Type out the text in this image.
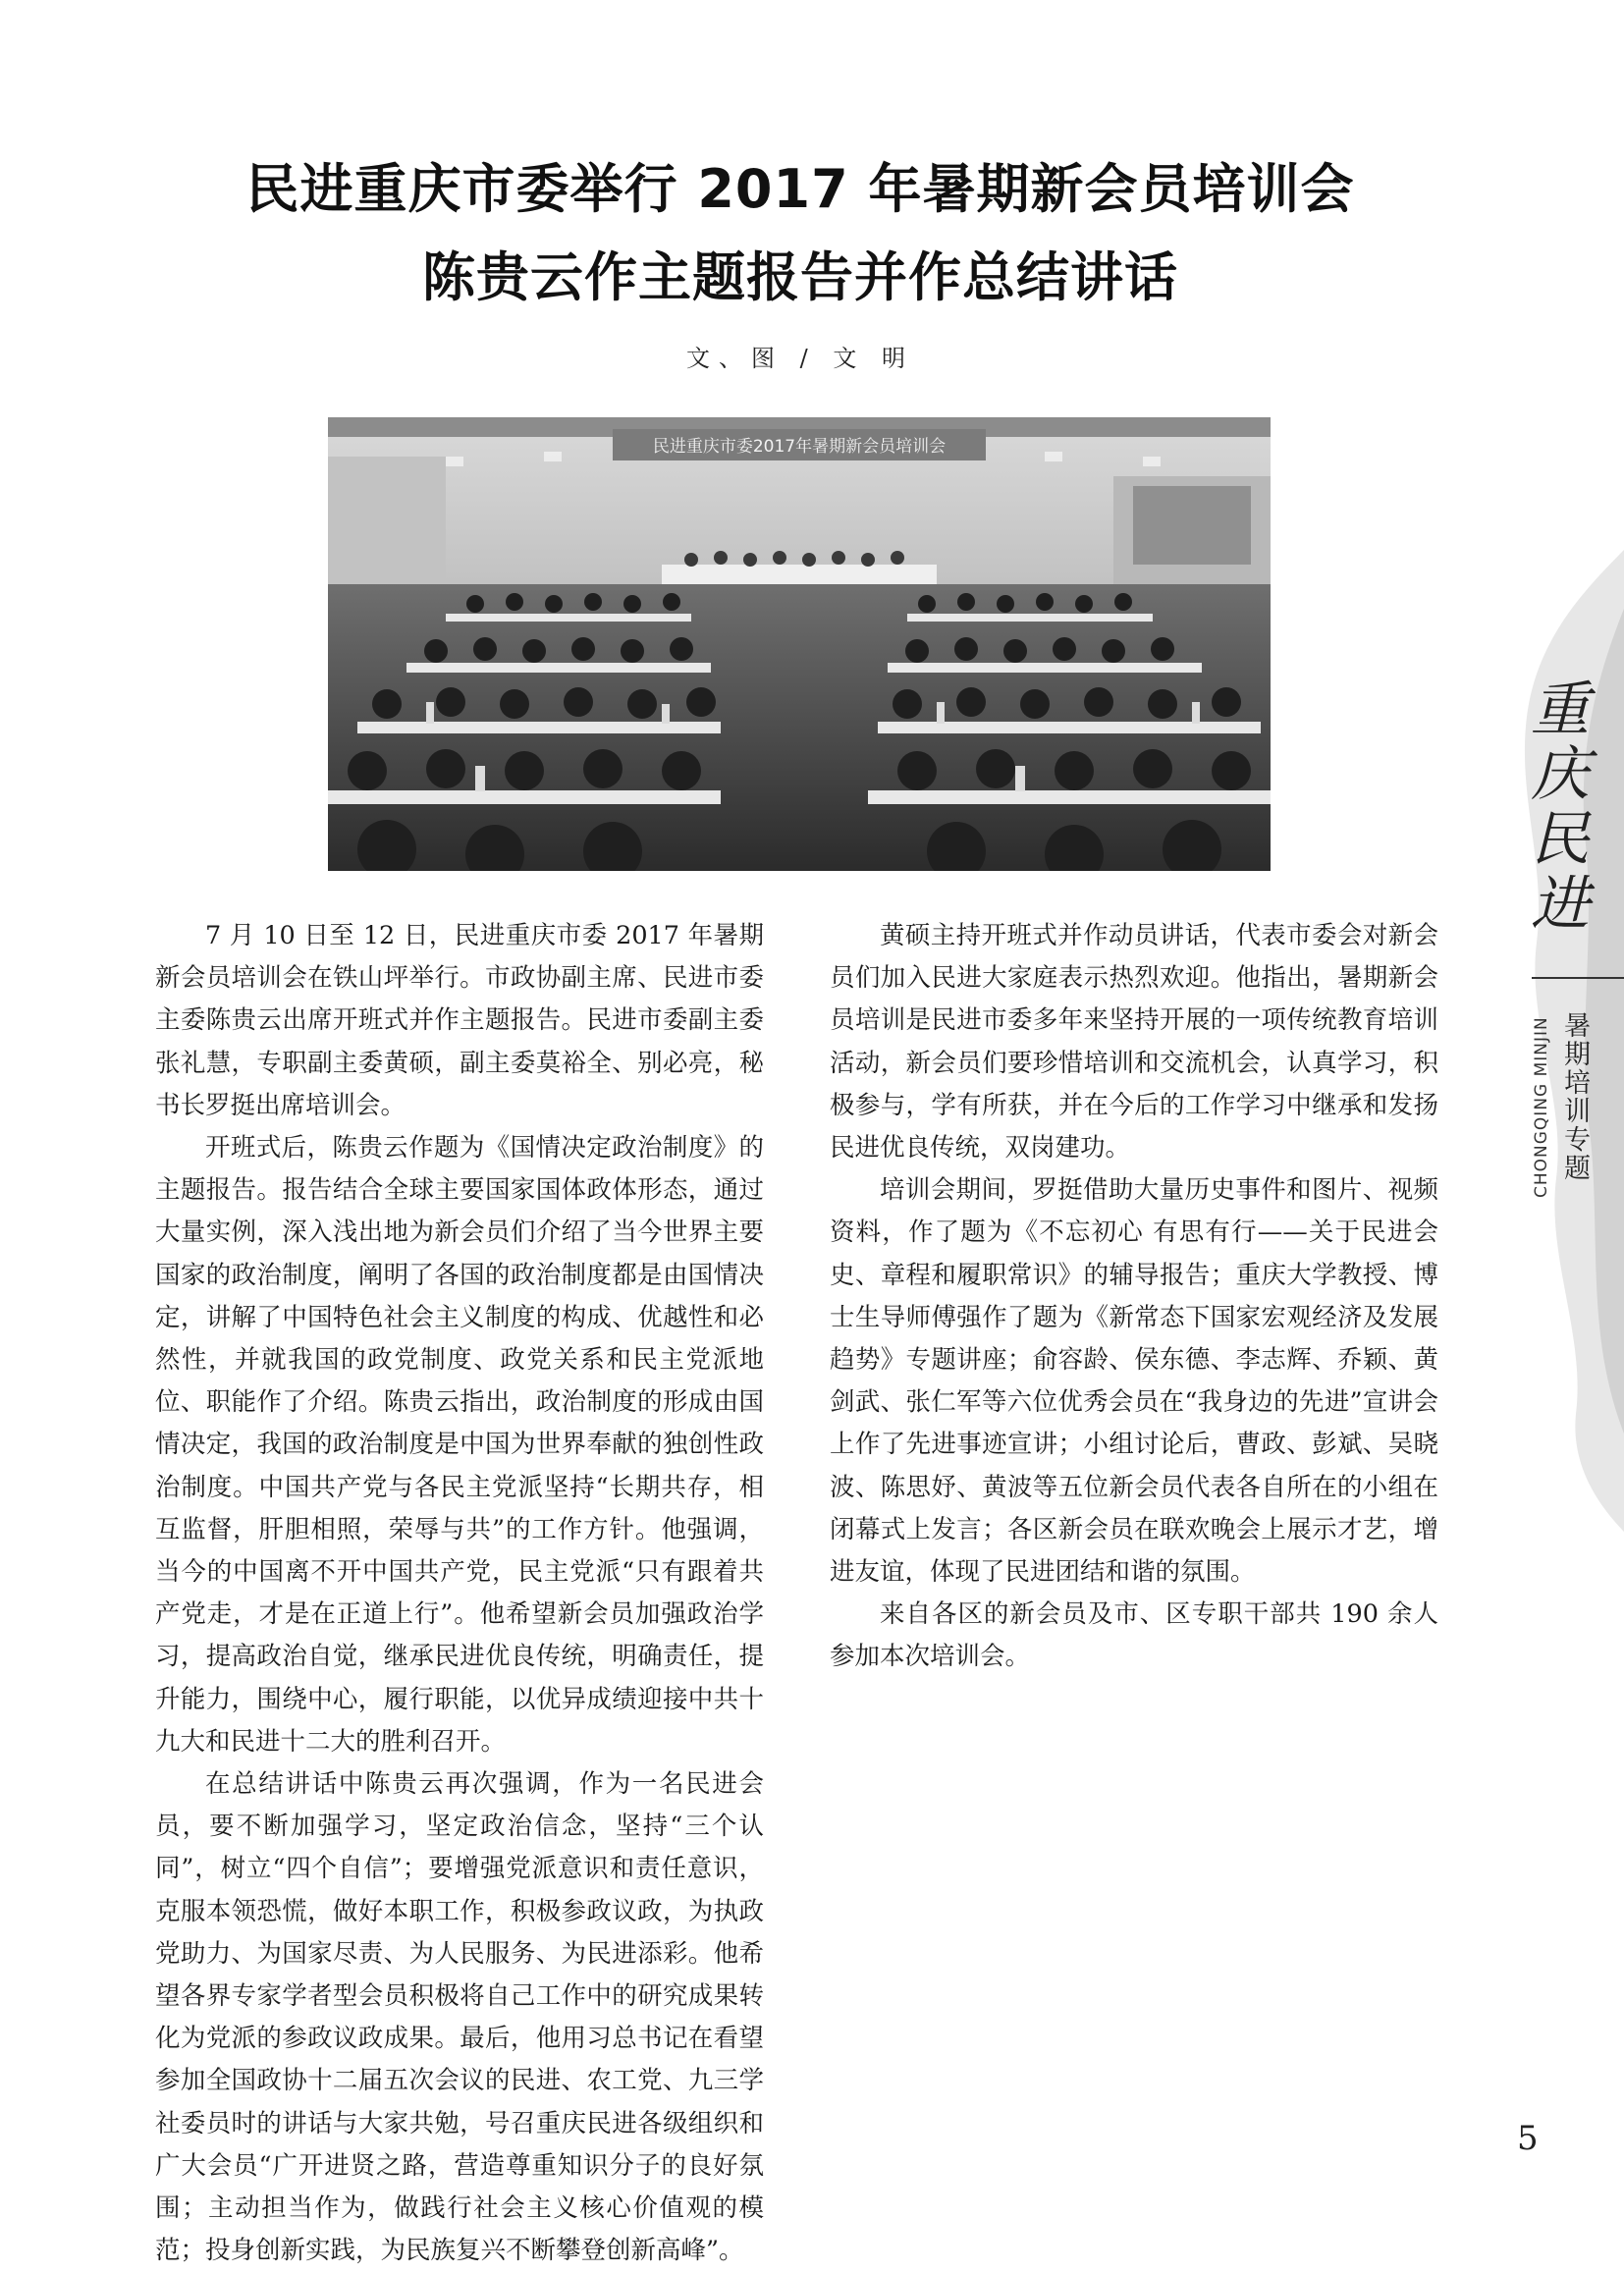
民进重庆市委举行 2017 年暑期新会员培训会
陈贵云作主题报告并作总结讲话
文、图 / 文 明
民进重庆市委2017年暑期新会员培训会

7 月 10 日至 12 日，民进重庆市委 2017 年暑期新会员培训会在铁山坪举行。市政协副主席、民进市委主委陈贵云出席开班式并作主题报告。民进市委副主委张礼慧，专职副主委黄硕，副主委莫裕全、别必亮，秘书长罗挺出席培训会。

开班式后，陈贵云作题为《国情决定政治制度》的主题报告。报告结合全球主要国家国体政体形态，通过大量实例，深入浅出地为新会员们介绍了当今世界主要国家的政治制度，阐明了各国的政治制度都是由国情决定，讲解了中国特色社会主义制度的构成、优越性和必然性，并就我国的政党制度、政党关系和民主党派地位、职能作了介绍。陈贵云指出，政治制度的形成由国情决定，我国的政治制度是中国为世界奉献的独创性政治制度。中国共产党与各民主党派坚持“长期共存，相互监督，肝胆相照，荣辱与共”的工作方针。他强调，当今的中国离不开中国共产党，民主党派“只有跟着共产党走，才是在正道上行”。他希望新会员加强政治学习，提高政治自觉，继承民进优良传统，明确责任，提升能力，围绕中心，履行职能，以优异成绩迎接中共十九大和民进十二大的胜利召开。

在总结讲话中陈贵云再次强调，作为一名民进会员，要不断加强学习，坚定政治信念，坚持“三个认同”，树立“四个自信”；要增强党派意识和责任意识，克服本领恐慌，做好本职工作，积极参政议政，为执政党助力、为国家尽责、为人民服务、为民进添彩。他希望各界专家学者型会员积极将自己工作中的研究成果转化为党派的参政议政成果。最后，他用习总书记在看望参加全国政协十二届五次会议的民进、农工党、九三学社委员时的讲话与大家共勉，号召重庆民进各级组织和广大会员“广开进贤之路，营造尊重知识分子的良好氛围；主动担当作为，做践行社会主义核心价值观的模范；投身创新实践，为民族复兴不断攀登创新高峰”。

黄硕主持开班式并作动员讲话，代表市委会对新会员们加入民进大家庭表示热烈欢迎。他指出，暑期新会员培训是民进市委多年来坚持开展的一项传统教育培训活动，新会员们要珍惜培训和交流机会，认真学习，积极参与，学有所获，并在今后的工作学习中继承和发扬民进优良传统，双岗建功。

培训会期间，罗挺借助大量历史事件和图片、视频资料，作了题为《不忘初心 有思有行——关于民进会史、章程和履职常识》的辅导报告；重庆大学教授、博士生导师傅强作了题为《新常态下国家宏观经济及发展趋势》专题讲座；俞容龄、侯东德、李志辉、乔颖、黄剑武、张仁军等六位优秀会员在“我身边的先进”宣讲会上作了先进事迹宣讲；小组讨论后，曹政、彭斌、吴晓波、陈思妤、黄波等五位新会员代表各自所在的小组在闭幕式上发言；各区新会员在联欢晚会上展示才艺，增进友谊，体现了民进团结和谐的氛围。

来自各区的新会员及市、区专职干部共 190 余人参加本次培训会。

重庆民进
CHONGQING MINJIN 暑期培训专题
5
